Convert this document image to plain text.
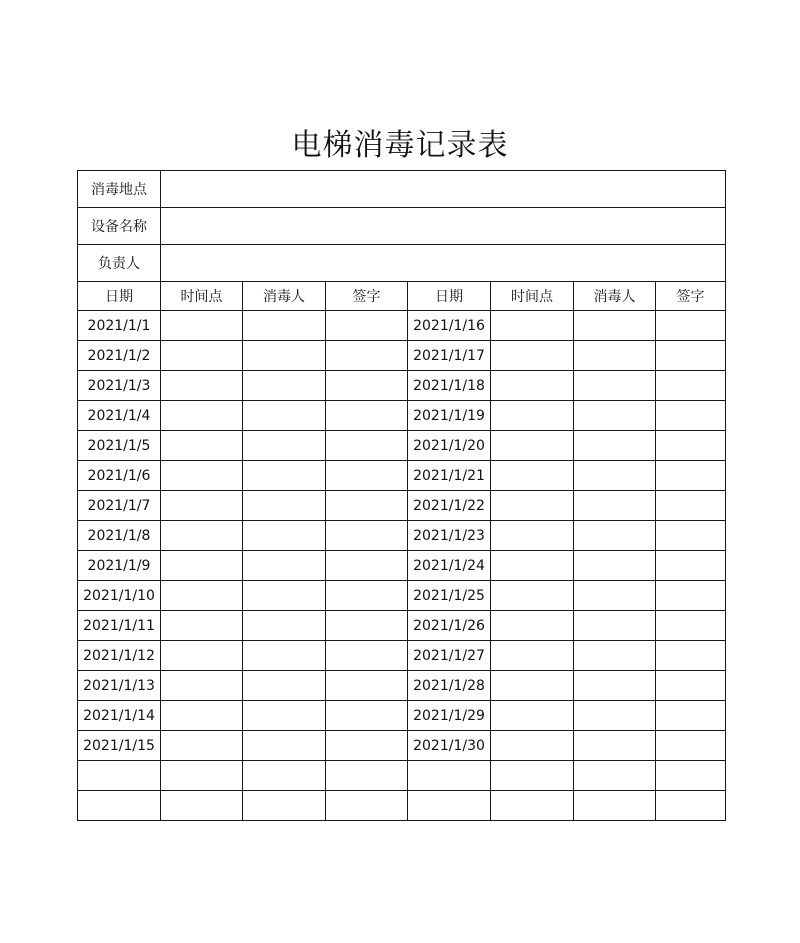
电梯消毒记录表
消毒地点							
设备名称							
负责人							
日期	时间点	消毒人	签字	日期	时间点	消毒人	签字
2021/1/1				2021/1/16			
2021/1/2				2021/1/17			
2021/1/3				2021/1/18			
2021/1/4				2021/1/19			
2021/1/5				2021/1/20			
2021/1/6				2021/1/21			
2021/1/7				2021/1/22			
2021/1/8				2021/1/23			
2021/1/9				2021/1/24			
2021/1/10				2021/1/25			
2021/1/11				2021/1/26			
2021/1/12				2021/1/27			
2021/1/13				2021/1/28			
2021/1/14				2021/1/29			
2021/1/15				2021/1/30			
